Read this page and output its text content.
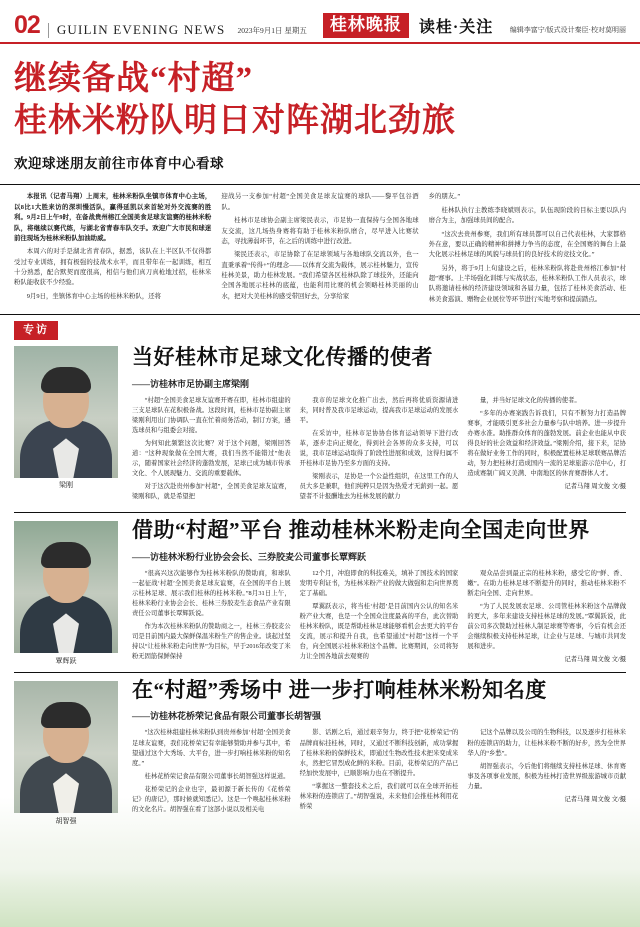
02	GUILIN EVENING NEWS 2023年9月1日 星期五	桂林晚报	读桂·关注 编辑李富宁/版式设计秦臣·校对莫明丽
继续备战“村超”
桂林米粉队明日对阵湖北劲旅
欢迎球迷朋友前往市体育中心看球

本报讯（记者马翔）上周末，桂林米粉队坐镇市体育中心主场，以8比1大胜来访的深圳慢活队，赢得延凯以来首轮对外交流赛的胜利。9月2日上午9时，在备战贵州榕江全国美食足球友谊赛的桂林米粉队，将继续以赛代练，与湖北省青春车队交手。欢迎广大市民和球迷前往现场为桂林米粉队加油助威。

本周六的对手是湖北省青春队，据悉，该队在上半区队不仅得都受过专业训练，拥有极强的技战术水平，而且带年在一起训练，相互十分熟悉，配合默契而度很高，相信与他们真刀真枪地过招，桂林米粉队能收获不少经验。

9月9日，坐镇体育中心主场的桂林米粉队，还将

迎战另一支参加“村超”全国美食足球友谊赛的球队——黎平包谷酒队。

桂林市足球协会副主席梁民表示，市足协一直保持与全国各地球友交流，这几场热身赛将有助于桂林米粉队磨合，尽早进入比赛状态，寻找薄弱环节，在之后的训练中进行改进。

梁民还表示，市足协除了在足球领域与各地球队交流以外，也一直秉承着“传得+”的理念——以体育交流为载体，展示桂林魅力，宣传桂林美景，助力桂林发展。“我们希望各区桂林队除了球技外，还能向全国各地展示桂林的底蕴，也能利用比赛的机会领略桂林美丽的山水，把对大美桂林的感受带回好去，分享给家

乡的朋友。”

桂林队执行主教练李晓斌则表示，队伍现阶段的目标主要以队内磨合为主，加强球员间的配合。

“这次去贵州参赛，我们所有球员都可以自己代表桂林，大家都格外在意，要以正确的精神和拼搏力争当的态度，在全国赛的舞台上最大化展示桂林足球的风貌与球员们的良好技术的竞技文化。”

另外，将于9月上旬建设之后，桂林米粉队将赴贵州榕江参加“村超”赛事。上半场强化训练与实战状态，桂林米粉队工作人员表示，球队将邀请桂林的经济建设领域和各届力量，包括了桂林美食活动、桂林美食巡演、赠物企业展位等环节进行实地考察和提前踏点。

专访
梁刚
当好桂林市足球文化传播的使者
——访桂林市足协副主席梁刚

“村超”全国美食足球友谊赛开赛在即，桂林市组建的三支足球队在花积极备战。这段时间，桂林市足协副主席梁刚利用出门协调队一直在忙着商务活动，制订方案，遴选球员和与组委会对接。

为何知此频繁这次比赛？对于这个问题，梁刚回答道：“这种现象做在全国大赛，我们当然不能错过”他表示，随着国家社会经济的蓬勃发展，足球已成为城市传承文化、个人展现魅力、交流的重要载体。

对于这次赴贵州参加“村超”，全国美食足球友谊赛，梁刚和队，就是希望把

我市的足球文化推广出去，然后再将优质资源请进来，同时普及我市足球运动，提高我市足球运动的发展水平。

在采访中，桂林市足协协台体育运动领导下进行改革，逐步走向正规化，得到社会各界的众多支持，可以说，我市足球运动取得了阶段性进展和成效，这得归属不开桂林市足协乃至多方面的支持。

梁刚表示，足协是一个公益性组织，在这里工作的人员大多是兼职，他们纯粹只是因为热爱才无薪到一起。愿望者不计报酬地去为桂林发展的献力

量，并当好足球文化的传播的使者。

“多年的办赛案践告诉我们，只有不断努力打造品牌赛事，才能吸引更多社会力量参与队中培养。进一步提升办赛水准。助推群众体育的蓬勃发展。前企业也能从中获得良好的社会效益和经济效益。”梁刚介绍，接下来，足协将在做好业务工作的同时，积极配置桂林足球联赛品牌活动，努力把桂林打造成国内一流的足球旅游示范中心，打造成赛制广阔又美满、中南地区的休育赛群体人才。

记者马翔 周文俊 文/摄
覃辉跃
借助“村超”平台 推动桂林米粉走向全国走向世界
——访桂林米粉行业协会会长、三券胶麦公司董事长覃辉跃

“很高兴这次能够作为桂林米粉队的赞助商，和球队一起征战‘村超’全国美食足球友谊赛，在全国的平台上展示桂林足球、展示我们桂林的桂林米粉。”8月31日上午，桂林米粉行业协会会长、桂林三券胶麦生态食品产业有限责任公司董事长覃辉跃说。

作为本次桂林米粉队的赞助商之一，桂林三券胶麦公司是目前国内最大保鲜保温米粉生产的售企业。谈起过坚持以“让桂林米粉走向世界”为目标，早于2016年改变了米粉无固筋保鲜保持

12个月，冲泡即食的科技难关，填补了国技术的国家发明专利证书，为桂林米粉产业的做大做强和走向世界奠定了基础。

覃翼跃表示，将当桂‘村超’是目前国内公认的知名米粉产业大赛，也是一个全国众注度最高的平台，此次替助桂林米粉队，既是帮助桂林足球能够看机会去更大的平台交流，展示和提升自我，也希望通过“村超”这样一个平台，向全国展示桂林米粉这个品牌。比赛期间，公司将努力让全国各地前去观赛的

观众品尝到最正宗的桂林米粉，感受它的“鲜、香、嫩”。在助力桂林足球不断提升的同时，推动桂林米粉不断走向全国、走向世界。

“为了人民发展农足球、公司管桂林米粉这个品牌做的更大，多年来建设支持桂林足球的发展。”覃翼跃说，此前公司多次赞助过桂林人制足球赛等赛事，今后有机会还会继续积极支持桂林足球，让企业与足球、与城市共同发展和进步。

记者马翔 周文俊 文/摄
胡智强
在“村超”秀场中 进一步打响桂林米粉知名度
——访桂林花桥荣记食品有限公司董事长胡智强

“这次桂林组建桂林米粉队到贵州参加‘村超’全国美食足球友谊赛，我们花桥荣记有幸能够赞助并参与其中，希望通过这个大秀场、大平台，进一步打响桂林米粉的知名度。”

桂林花桥荣记食品有限公司董事长胡智强这样说道。

花桥荣记的企业也宇，最初源于新长传的《花桥荣记》的唐记》，那时候就知悉记》。这是一个唤起桂林米粉的文化名片。胡智强在看了这部小说以及相关电

影、话剧之后，通过艰辛努力，终于把“花桥荣记”的品牌商标挂桂林，同时，又通过不断科技创新，成功掌握了桂林米粉的保鲜技术，即通过生物改性技术把米变成米水，然把它冒烈成化鲜的米粉。目前，花桥荣记的产品已经加快发展中，已顺影响力也在不断提升。

“掌握这一整套技术之后，我们就可以在全球开拓桂林米粉的连锁店了。”胡智强说，未来他们会推桂林利用花桥荣

记这个品牌以及公司的生物科技，以及逐步打桂林米粉的连锁店的助力，让桂林米粉不断的好步，然为全世界华人的“乡愁”。

胡智强表示，今后他们将继续支持桂林足球、休育赛事及各项事业发展，积极为桂林打造世界级旅游城市贡献力量。

记者马翔 周文俊 文/摄
